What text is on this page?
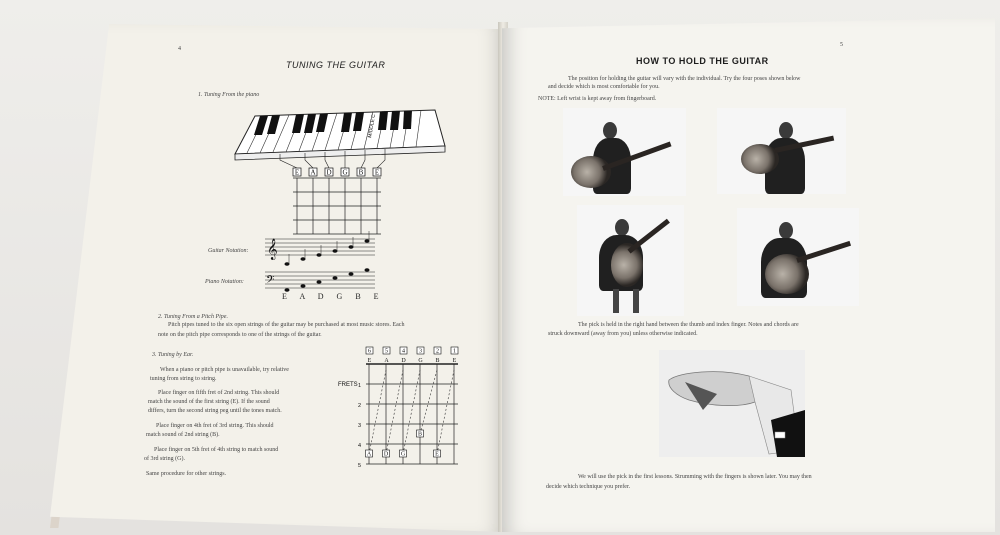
4
TUNING THE GUITAR
1. Tuning From the piano
MIDDLE C
E A D G B E
𝄞
𝄢
Guitar Notation:
Piano Notation:
E  A  D  G  B  E
2. Tuning From a Pitch Pipe.
Pitch pipes tuned to the six open strings of the guitar may be purchased at most music stores. Each
note on the pitch pipe corresponds to one of the strings of the guitar.
3. Tuning by Ear.
When a piano or pitch pipe is unavailable, try relative
tuning from string to string.
Place finger on fifth fret of 2nd string. This should
match the sound of the first string (E). If the sound
differs, turn the second string peg until the tones match.
Place finger on 4th fret of 3rd string. This should
match sound of 2nd string (B).
Place finger on 5th fret of 4th string to match sound
of 3rd string (G).
Same procedure for other strings.
6 5 4 3 2 1
E A D G B E
FRETS 1
2
3
4
5
A D G
B
E
5
HOW TO HOLD THE GUITAR
The position for holding the guitar will vary with the individual. Try the four poses shown below
and decide which is most comfortable for you.
NOTE: Left wrist is kept away from fingerboard.
The pick is held in the right hand between the thumb and index finger. Notes and chords are
struck downward (away from you) unless otherwise indicated.
We will use the pick in the first lessons. Strumming with the fingers is shown later. You may then
decide which technique you prefer.
